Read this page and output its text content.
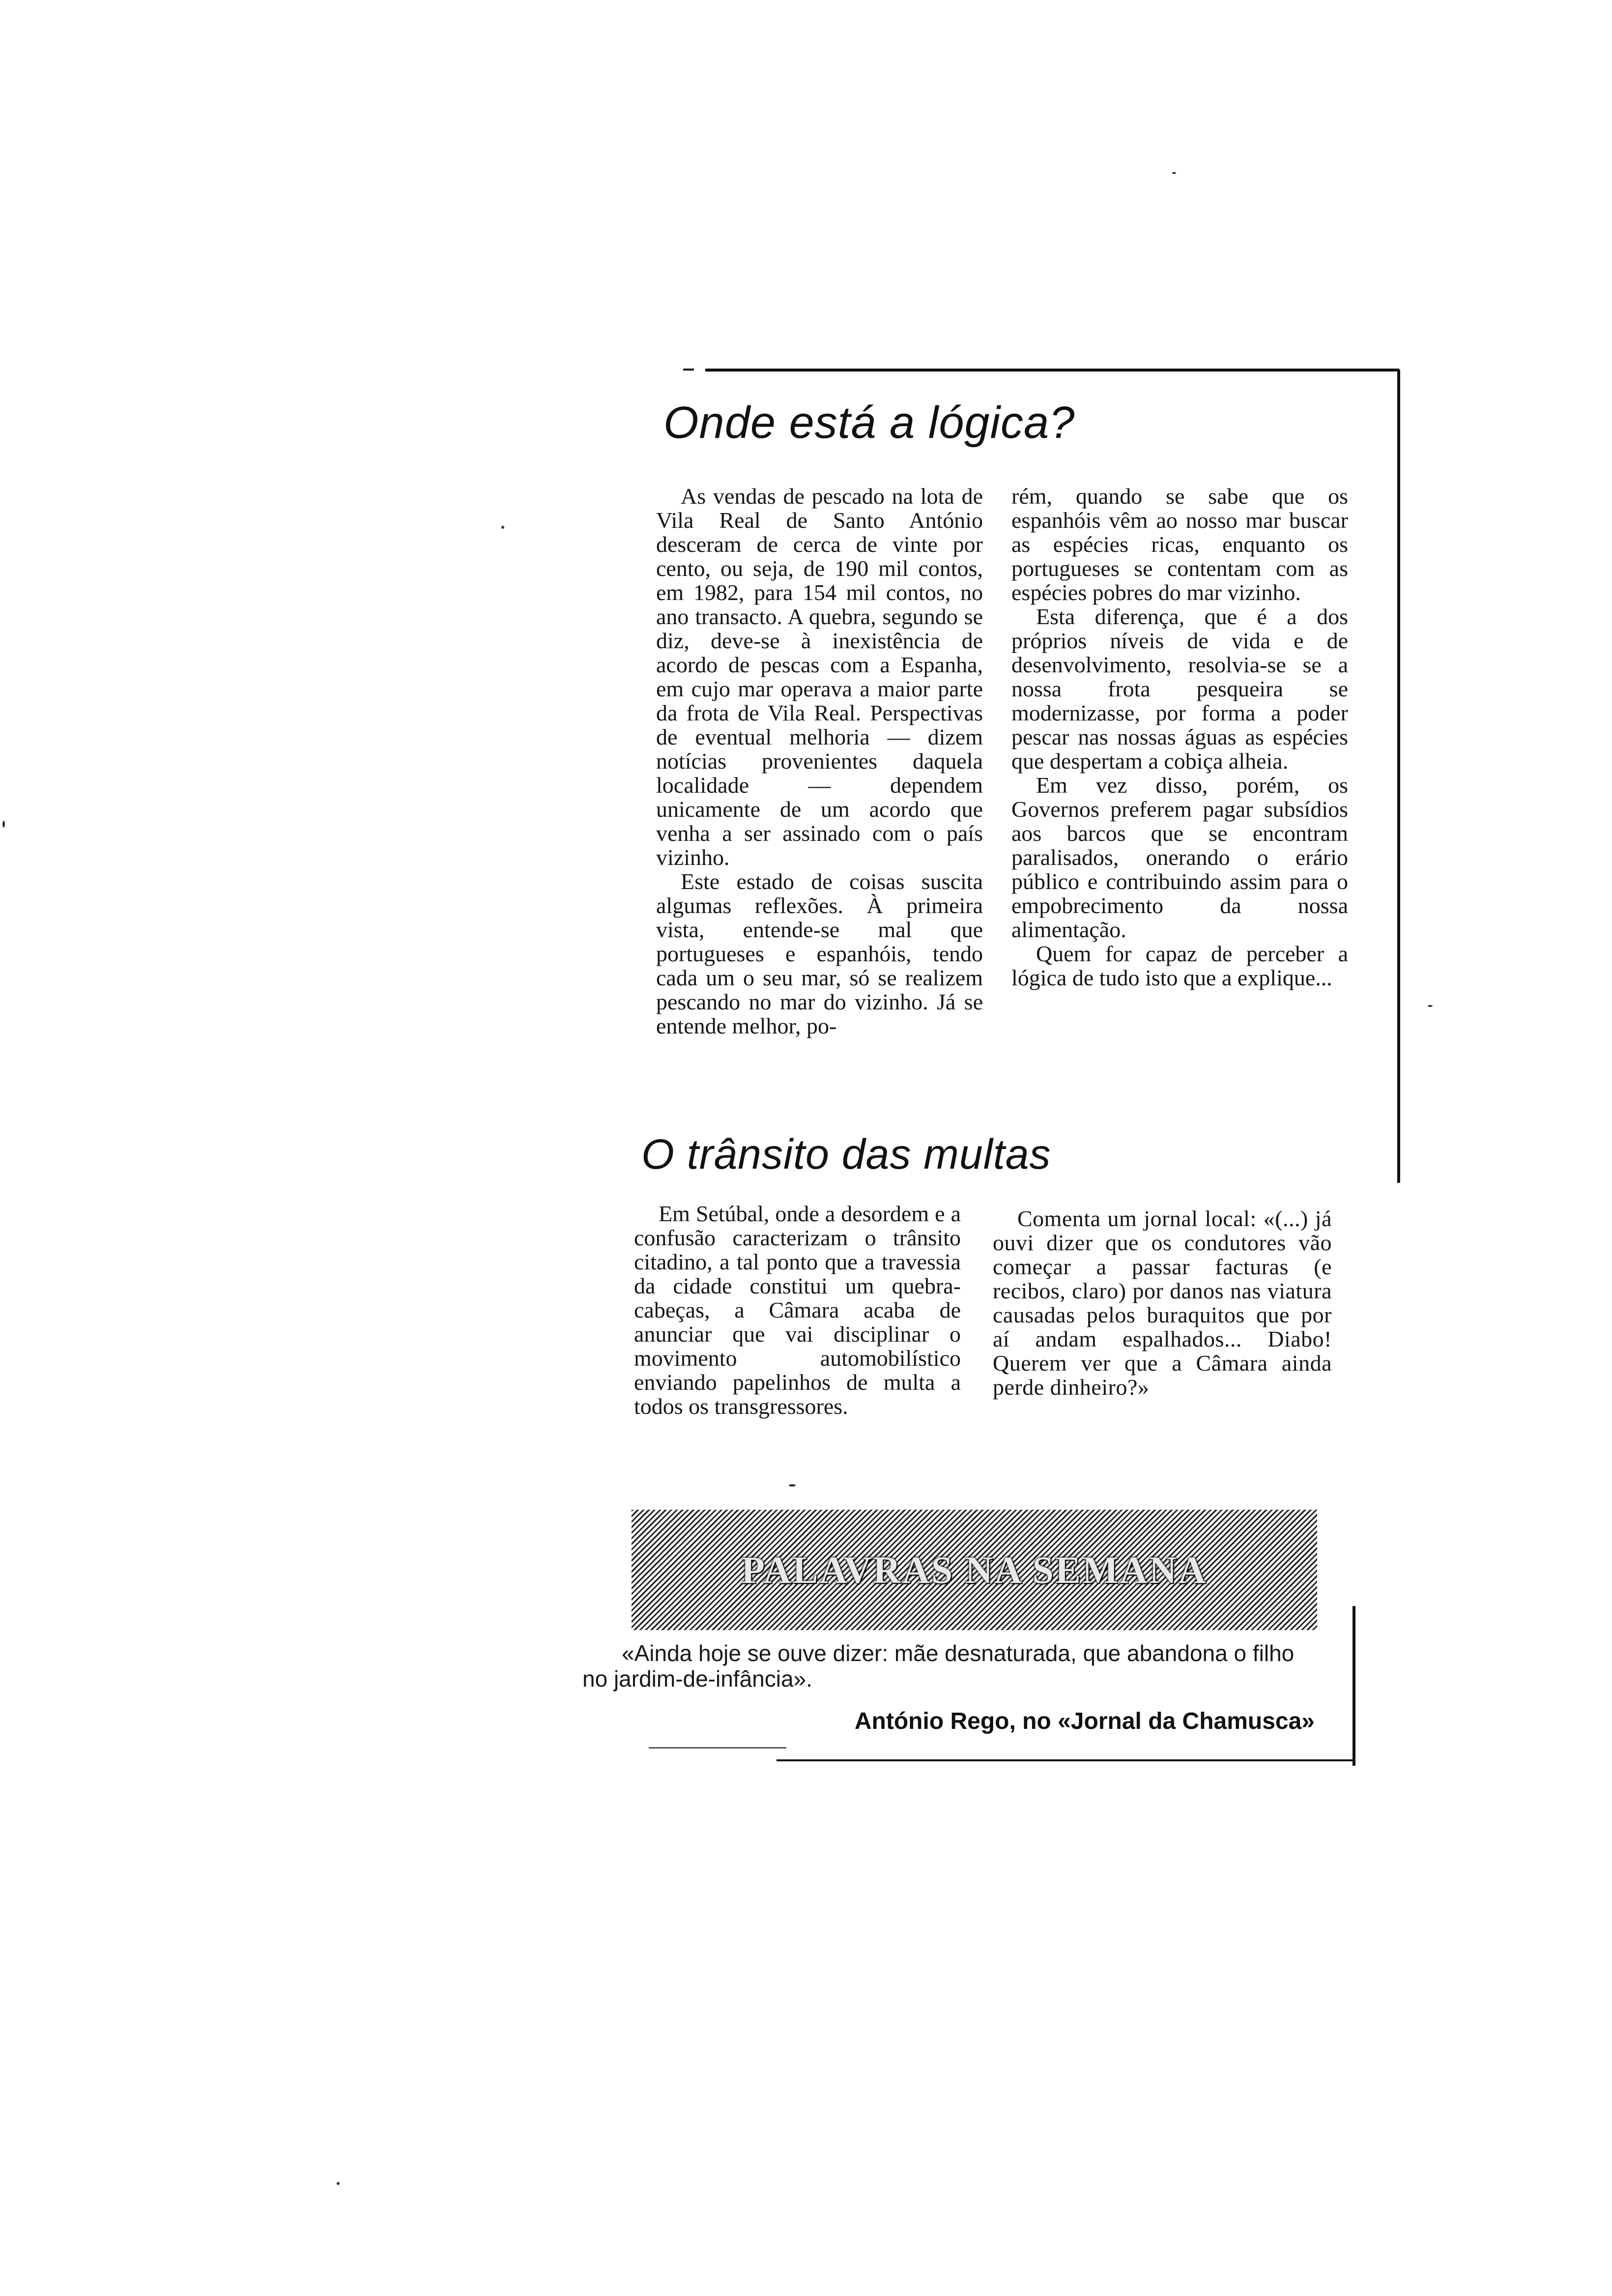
Onde está a lógica?

As vendas de pescado na lota de Vila Real de Santo António desceram de cerca de vinte por cento, ou seja, de 190 mil contos, em 1982, para 154 mil contos, no ano transacto. A quebra, segundo se diz, deve-se à inexistência de acordo de pescas com a Espanha, em cujo mar operava a maior parte da frota de Vila Real. Perspectivas de eventual melhoria — dizem notícias provenientes daquela localidade — dependem unicamente de um acordo que venha a ser assinado com o país vizinho.

Este estado de coisas suscita algumas reflexões. À primeira vista, entende-se mal que portugueses e espanhóis, tendo cada um o seu mar, só se realizem pescando no mar do vizinho. Já se entende melhor, po-

rém, quando se sabe que os espanhóis vêm ao nosso mar buscar as espécies ricas, enquanto os portugueses se contentam com as espécies pobres do mar vizinho.

Esta diferença, que é a dos próprios níveis de vida e de desenvolvimento, resolvia-se se a nossa frota pesqueira se modernizasse, por forma a poder pescar nas nossas águas as espécies que despertam a cobiça alheia.

Em vez disso, porém, os Governos preferem pagar subsídios aos barcos que se encontram paralisados, onerando o erário público e contribuindo assim para o empobrecimento da nossa alimentação.

Quem for capaz de perceber a lógica de tudo isto que a explique...

O trânsito das multas

Em Setúbal, onde a desordem e a confusão caracterizam o trânsito citadino, a tal ponto que a travessia da cidade constitui um quebra-cabeças, a Câmara acaba de anunciar que vai disciplinar o movimento automobilístico enviando papelinhos de multa a todos os transgressores.

Comenta um jornal local: «(...) já ouvi dizer que os condutores vão começar a passar facturas (e recibos, claro) por danos nas viatura causadas pelos buraquitos que por aí andam espalhados... Diabo! Querem ver que a Câmara ainda perde dinheiro?»

PALAVRAS NA SEMANA
«Ainda hoje se ouve dizer: mãe desnaturada, que abandona o filho no jardim-de-infância».
António Rego, no «Jornal da Chamusca»
